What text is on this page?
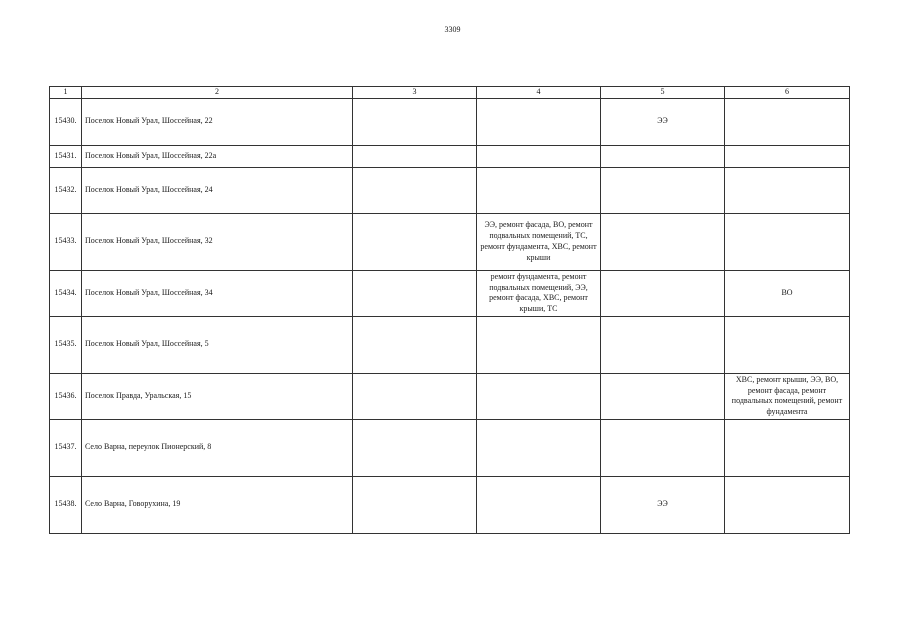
3309
1	2	3	4	5	6
15430.	Поселок Новый Урал, Шоссейная, 22			ЭЭ	
15431.	Поселок Новый Урал, Шоссейная, 22а				
15432.	Поселок Новый Урал, Шоссейная, 24				
15433.	Поселок Новый Урал, Шоссейная, 32		ЭЭ, ремонт фасада, ВО, ремонт подвальных помещений, ТС, ремонт фундамента, ХВС, ремонт крыши		
15434.	Поселок Новый Урал, Шоссейная, 34		ремонт фундамента, ремонт подвальных помещений, ЭЭ, ремонт фасада, ХВС, ремонт крыши, ТС		ВО
15435.	Поселок Новый Урал, Шоссейная, 5				
15436.	Поселок Правда, Уральская, 15				ХВС, ремонт крыши, ЭЭ, ВО, ремонт фасада, ремонт подвальных помещений, ремонт фундамента
15437.	Село Варна, переулок Пионерский, 8				
15438.	Село Варна, Говорухина, 19			ЭЭ	
